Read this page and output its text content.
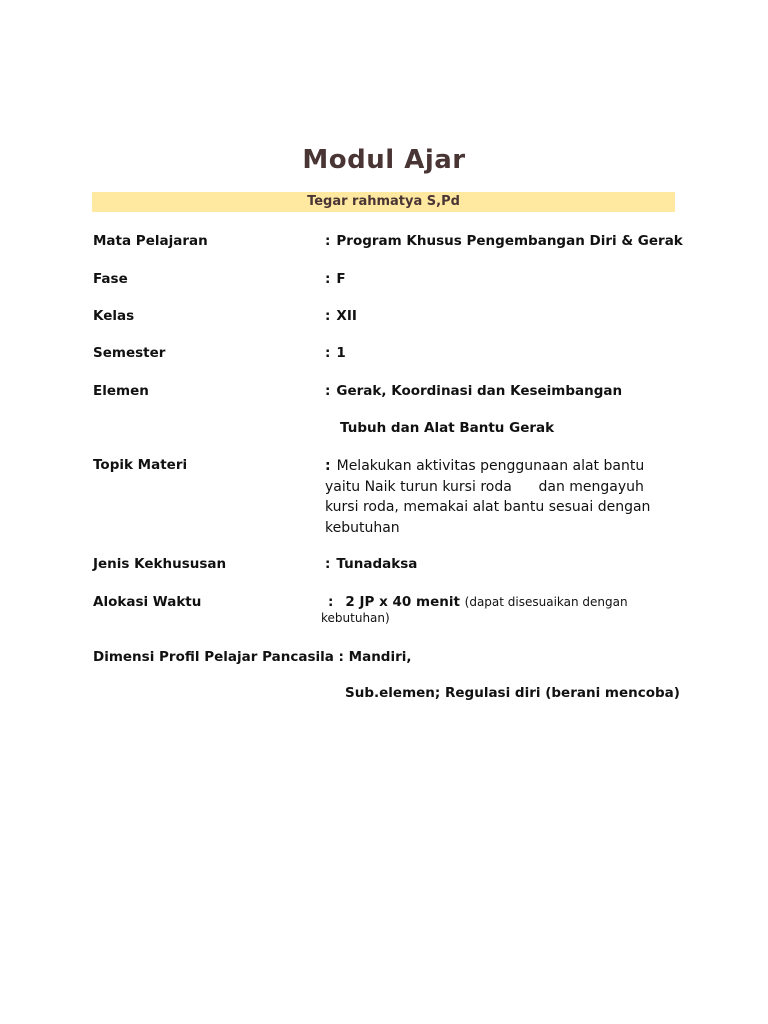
Modul Ajar
Tegar rahmatya S,Pd
Mata Pelajaran	: Program Khusus Pengembangan Diri & Gerak
Fase	: F
Kelas	: XII
Semester	: 1
Elemen	: Gerak, Koordinasi dan Keseimbangan
Tubuh dan Alat Bantu Gerak
Topik Materi	: Melakukan aktivitas penggunaan alat bantu
yaitu Naik turun kursi roda      dan mengayuh
kursi roda, memakai alat bantu sesuai dengan
kebutuhan
Jenis Kekhususan	: Tunadaksa
Alokasi Waktu	: 2 JP x 40 menit (dapat disesuaikan dengan
kebutuhan)
Dimensi Profil Pelajar Pancasila : Mandiri,
Sub.elemen; Regulasi diri (berani mencoba)
